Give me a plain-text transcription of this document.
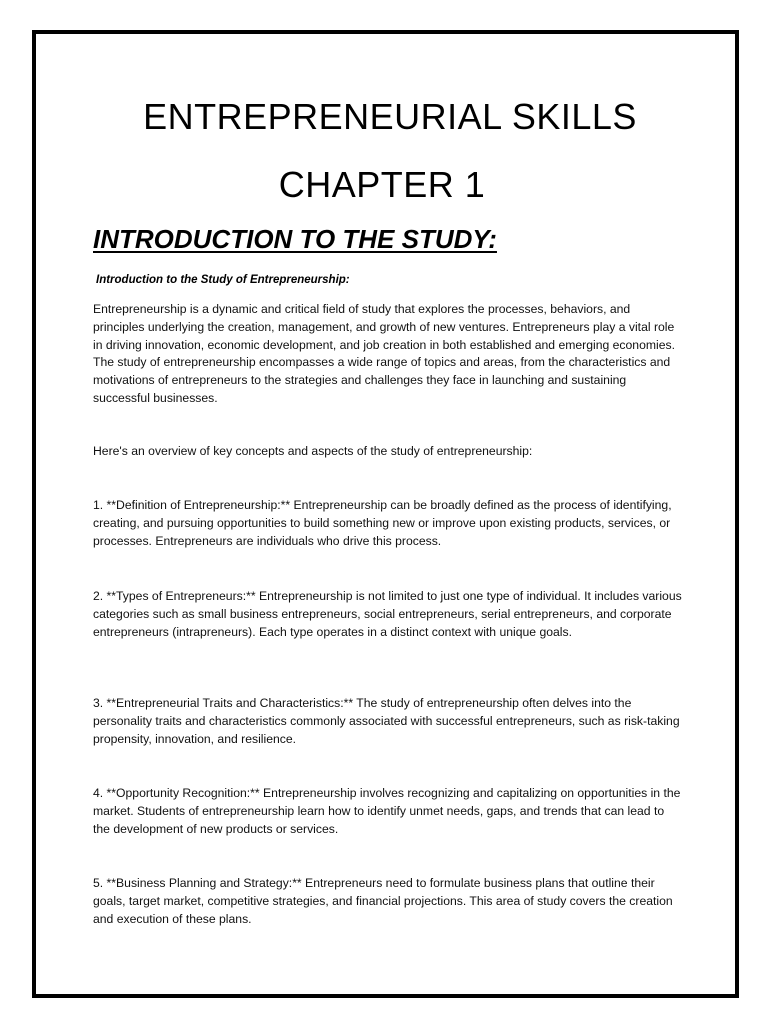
ENTREPRENEURIAL SKILLS
CHAPTER 1
INTRODUCTION TO THE STUDY:

Introduction to the Study of Entrepreneurship:

Entrepreneurship is a dynamic and critical field of study that explores the processes, behaviors, and principles underlying the creation, management, and growth of new ventures. Entrepreneurs play a vital role in driving innovation, economic development, and job creation in both established and emerging economies. The study of entrepreneurship encompasses a wide range of topics and areas, from the characteristics and motivations of entrepreneurs to the strategies and challenges they face in launching and sustaining successful businesses.

Here's an overview of key concepts and aspects of the study of entrepreneurship:

1. **Definition of Entrepreneurship:** Entrepreneurship can be broadly defined as the process of identifying, creating, and pursuing opportunities to build something new or improve upon existing products, services, or processes. Entrepreneurs are individuals who drive this process.

2. **Types of Entrepreneurs:** Entrepreneurship is not limited to just one type of individual. It includes various categories such as small business entrepreneurs, social entrepreneurs, serial entrepreneurs, and corporate entrepreneurs (intrapreneurs). Each type operates in a distinct context with unique goals.

3. **Entrepreneurial Traits and Characteristics:** The study of entrepreneurship often delves into the personality traits and characteristics commonly associated with successful entrepreneurs, such as risk-taking propensity, innovation, and resilience.

4. **Opportunity Recognition:** Entrepreneurship involves recognizing and capitalizing on opportunities in the market. Students of entrepreneurship learn how to identify unmet needs, gaps, and trends that can lead to the development of new products or services.

5. **Business Planning and Strategy:** Entrepreneurs need to formulate business plans that outline their goals, target market, competitive strategies, and financial projections. This area of study covers the creation and execution of these plans.
